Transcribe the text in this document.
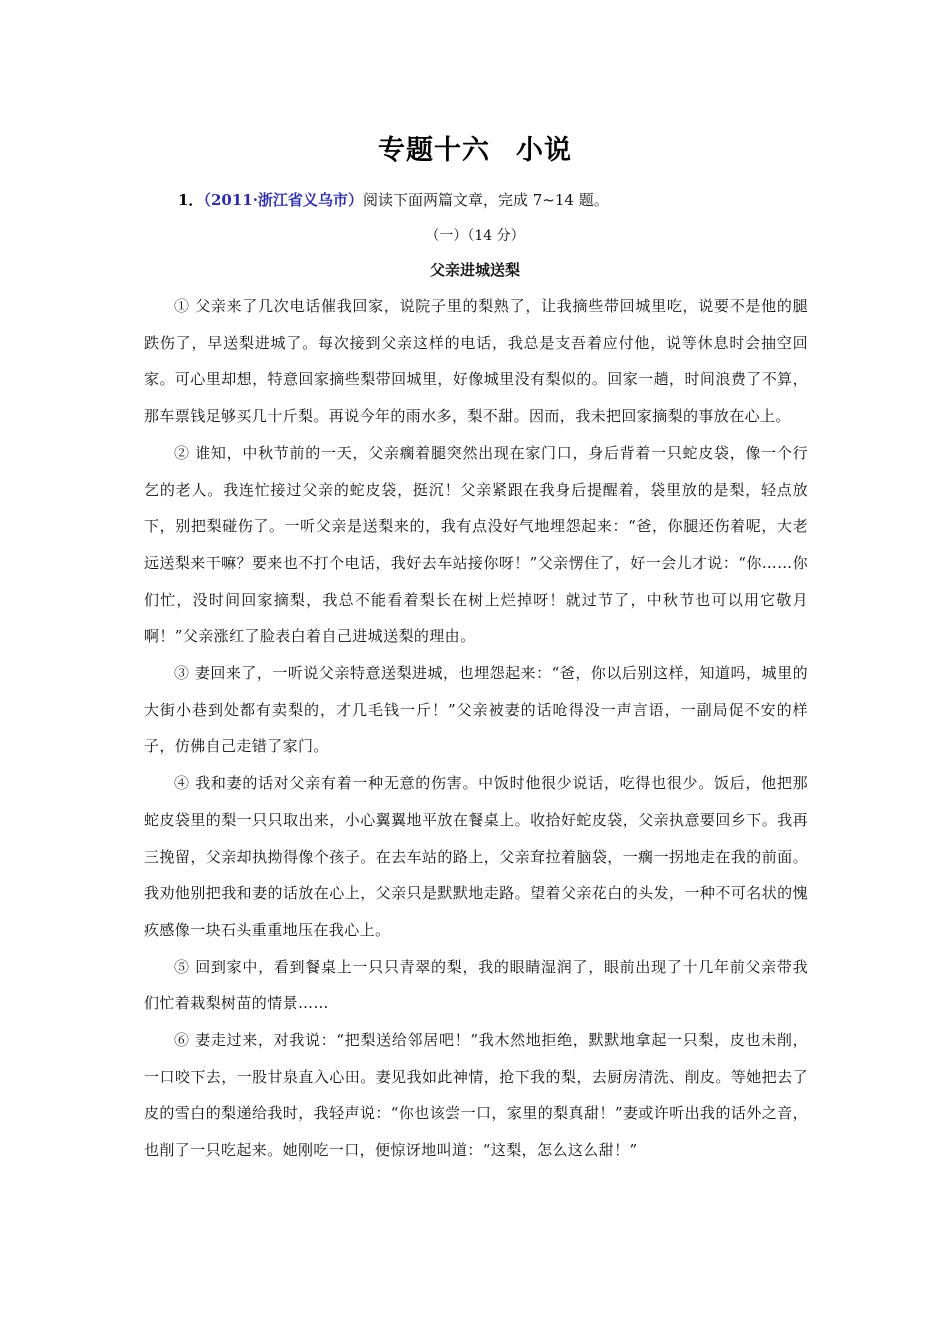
专题十六 小说
1．（2011·浙江省义乌市）阅读下面两篇文章，完成 7~14 题。
（一）（14 分）
父亲进城送梨

① 父亲来了几次电话催我回家，说院子里的梨熟了，让我摘些带回城里吃，说要不是他的腿跌伤了，早送梨进城了。每次接到父亲这样的电话，我总是支吾着应付他，说等休息时会抽空回家。可心里却想，特意回家摘些梨带回城里，好像城里没有梨似的。回家一趟，时间浪费了不算，那车票钱足够买几十斤梨。再说今年的雨水多，梨不甜。因而，我未把回家摘梨的事放在心上。

② 谁知，中秋节前的一天，父亲瘸着腿突然出现在家门口，身后背着一只蛇皮袋，像一个行乞的老人。我连忙接过父亲的蛇皮袋，挺沉！父亲紧跟在我身后提醒着，袋里放的是梨，轻点放下，别把梨碰伤了。一听父亲是送梨来的，我有点没好气地埋怨起来：“爸，你腿还伤着呢，大老远送梨来干嘛？要来也不打个电话，我好去车站接你呀！”父亲愣住了，好一会儿才说：“你……你们忙，没时间回家摘梨，我总不能看着梨长在树上烂掉呀！就过节了，中秋节也可以用它敬月啊！”父亲涨红了脸表白着自己进城送梨的理由。

③ 妻回来了，一听说父亲特意送梨进城，也埋怨起来：“爸，你以后别这样，知道吗，城里的大街小巷到处都有卖梨的，才几毛钱一斤！”父亲被妻的话呛得没一声言语，一副局促不安的样子，仿佛自己走错了家门。

④ 我和妻的话对父亲有着一种无意的伤害。中饭时他很少说话，吃得也很少。饭后，他把那蛇皮袋里的梨一只只取出来，小心翼翼地平放在餐桌上。收拾好蛇皮袋，父亲执意要回乡下。我再三挽留，父亲却执拗得像个孩子。在去车站的路上，父亲耷拉着脑袋，一瘸一拐地走在我的前面。我劝他别把我和妻的话放在心上，父亲只是默默地走路。望着父亲花白的头发，一种不可名状的愧疚感像一块石头重重地压在我心上。

⑤ 回到家中，看到餐桌上一只只青翠的梨，我的眼睛湿润了，眼前出现了十几年前父亲带我们忙着栽梨树苗的情景……

⑥ 妻走过来，对我说：“把梨送给邻居吧！”我木然地拒绝，默默地拿起一只梨，皮也未削，一口咬下去，一股甘泉直入心田。妻见我如此神情，抢下我的梨，去厨房清洗、削皮。等她把去了皮的雪白的梨递给我时，我轻声说：“你也该尝一口，家里的梨真甜！”妻或许听出我的话外之音，也削了一只吃起来。她刚吃一口，便惊讶地叫道：“这梨，怎么这么甜！”
